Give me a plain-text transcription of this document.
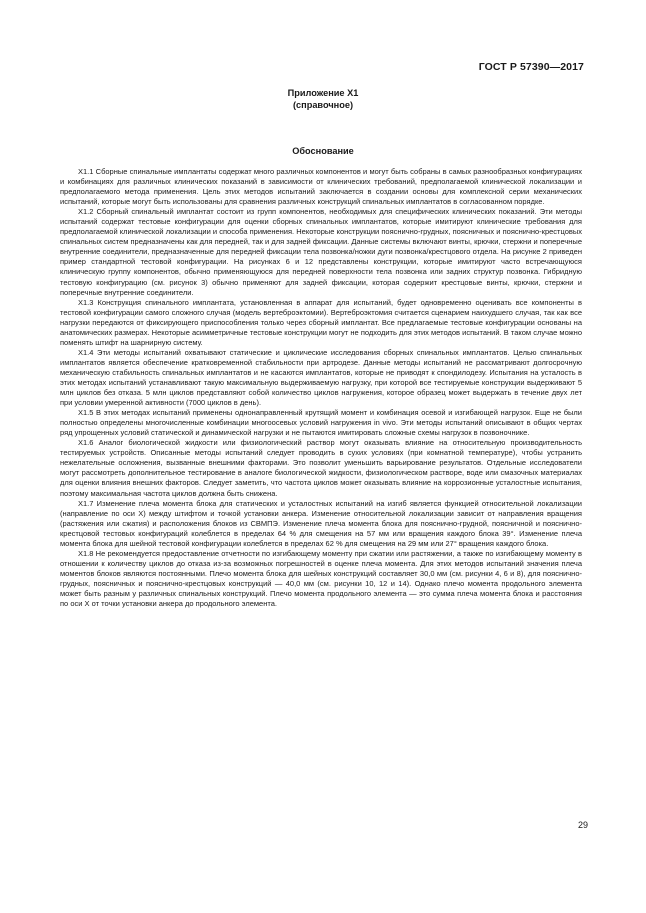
ГОСТ Р 57390—2017
Приложение Х1
(справочное)
Обоснование

Х1.1 Сборные спинальные имплантаты содержат много различных компонентов и могут быть собраны в самых разнообразных конфигурациях и комбинациях для различных клинических показаний в зависимости от клинических требований, предполагаемой клинической локализации и предполагаемого метода применения. Цель этих методов испытаний заключается в создании основы для комплексной серии механических испытаний, которые могут быть использованы для сравнения различных конструкций спинальных имплантатов в согласованном порядке.

Х1.2 Сборный спинальный имплантат состоит из групп компонентов, необходимых для специфических клинических показаний. Эти методы испытаний содержат тестовые конфигурации для оценки сборных спинальных имплантатов, которые имитируют клинические требования для предполагаемой клинической локализации и способа применения. Некоторые конструкции пояснично-грудных, поясничных и пояснично-крестцовых спинальных систем предназначены как для передней, так и для задней фиксации. Данные системы включают винты, крючки, стержни и поперечные внутренние соединители, предназначенные для передней фиксации тела позвонка/ножки дуги позвонка/крестцового отдела. На рисунке 2 приведен пример стандартной тестовой конфигурации. На рисунках 6 и 12 представлены конструкции, которые имитируют часто встречающуюся клиническую группу компонентов, обычно применяющуюся для передней поверхности тела позвонка или задних структур позвонка. Гибридную тестовую конфигурацию (см. рисунок 3) обычно применяют для задней фиксации, которая содержит крестцовые винты, крючки, стержни и поперечные внутренние соединители.

Х1.3 Конструкция спинального имплантата, установленная в аппарат для испытаний, будет одновременно оценивать все компоненты в тестовой конфигурации самого сложного случая (модель вертеброэктомии). Вертеброэктомия считается сценарием наихудшего случая, так как все нагрузки передаются от фиксирующего приспособления только через сборный имплантат. Все предлагаемые тестовые конфигурации основаны на анатомических размерах. Некоторые асимметричные тестовые конструкции могут не подходить для этих методов испытаний. В таком случае можно поменять штифт на шарнирную систему.

Х1.4 Эти методы испытаний охватывают статические и циклические исследования сборных спинальных имплантатов. Целью спинальных имплантатов является обеспечение кратковременной стабильности при артродезе. Данные методы испытаний не рассматривают долгосрочную механическую стабильность спинальных имплантатов и не касаются имплантатов, которые не приводят к спондилодезу. Испытания на усталость в этих методах испытаний устанавливают такую максимальную выдерживаемую нагрузку, при которой все тестируемые конструкции выдерживают 5 млн циклов без отказа. 5 млн циклов представляют собой количество циклов нагружения, которое образец может выдержать в течение двух лет при условии умеренной активности (7000 циклов в день).

Х1.5 В этих методах испытаний применены однонаправленный крутящий момент и комбинация осевой и изгибающей нагрузок. Еще не были полностью определены многочисленные комбинации многоосевых условий нагружения in vivo. Эти методы испытаний описывают в общих чертах ряд упрощенных условий статической и динамической нагрузки и не пытаются имитировать сложные схемы нагрузок в позвоночнике.

Х1.6 Аналог биологической жидкости или физиологический раствор могут оказывать влияние на относительную производительность тестируемых устройств. Описанные методы испытаний следует проводить в сухих условиях (при комнатной температуре), чтобы устранить нежелательные осложнения, вызванные внешними факторами. Это позволит уменьшить варьирование результатов. Отдельные исследователи могут рассмотреть дополнительное тестирование в аналоге биологической жидкости, физиологическом растворе, воде или смазочных материалах для оценки влияния внешних факторов. Следует заметить, что частота циклов может оказывать влияние на коррозионные усталостные испытания, поэтому максимальная частота циклов должна быть снижена.

Х1.7 Изменение плеча момента блока для статических и усталостных испытаний на изгиб является функцией относительной локализации (направление по оси X) между штифтом и точкой установки анкера. Изменение относительной локализации зависит от направления вращения (растяжения или сжатия) и расположения блоков из СВМПЭ. Изменение плеча момента блока для пояснично-грудной, поясничной и пояснично-крестцовой тестовых конфигураций колеблется в пределах 64 % для смещения на 57 мм или вращения каждого блока 39°. Изменение плеча момента блока для шейной тестовой конфигурации колеблется в пределах 62 % для смещения на 29 мм или 27° вращения каждого блока.

Х1.8 Не рекомендуется предоставление отчетности по изгибающему моменту при сжатии или растяжении, а также по изгибающему моменту в отношении к количеству циклов до отказа из-за возможных погрешностей в оценке плеча момента. Для этих методов испытаний значения плеча моментов блоков являются постоянными. Плечо момента блока для шейных конструкций составляет 30,0 мм (см. рисунки 4, 6 и 8), для пояснично-грудных, поясничных и пояснично-крестцовых конструкций — 40,0 мм (см. рисунки 10, 12 и 14). Однако плечо момента продольного элемента может быть разным у различных спинальных конструкций. Плечо момента продольного элемента — это сумма плеча момента блока и расстояния по оси X от точки установки анкера до продольного элемента.

29
